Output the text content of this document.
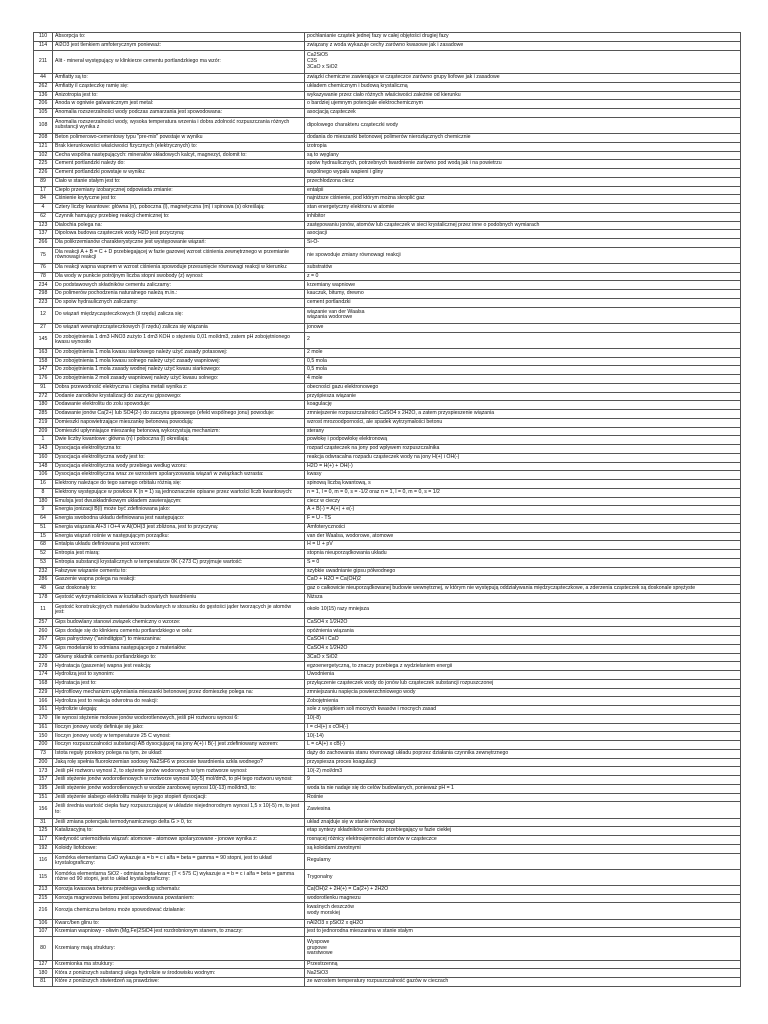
110	Absorpcja to:	pochłanianie cząstek jednej fazy w całej objętości drugiej fazy
114	Al2O3 jest tlenkiem amfoterycznym ponieważ:	związany z woda wykazuje cechy zarówno kwasowe jak i zasadowe
211	Alit - minerał występujący w klinkierze cementu portlandzkiego ma wzór:	Ca2SiO5
C3S
3CaO x SiO2
44	Amfiatty są to:	związki chemiczne zawierające w cząsteczce zarówno grupy liofowe jak i zasadowe
262	Amfiatty il cząsteczkę ramię się:	układem chemicznym i budową krystaliczną
136	Anizotropia jest to:	wykazywanie przez ciało różnych właściwości zależnie od kierunku
206	Anoda w ogniwie galwanicznym jest metal:	o bardziej ujemnym potencjale elektrochemicznym
105	Anomalia rozszerzalności wody podczas zamarzania jest spowodowana:	asocjacją cząsteczek
108	Anomalia rozszerzalności wody, wysoka temperatura wrzenia i dobra zdolność rozpuszczania różnych substancji wynika z	dipolowego charakteru cząsteczki wody
208	Beton polimerowo-cementowy typu "pre-mix" powstaje w wyniku	dodania do mieszanki betonowej polimerów nierozłącznych chemicznie
121	Brak kierunkowości właściwości fizycznych (elektrycznych) to:	izotropia
102	Cecha wspólna następujących: minerałów składowych kalcyt, magnezyt, dolomit to:	są to węglany
225	Cement portlandzki należy do:	spoiw hydraulicznych, potrzebnych twardnienie zarówno pod wodą jak i na powietrzu
226	Cement portlandzki powstaje w wyniku:	wspólnego wypału wapieni i gliny
89	Ciało w stanie stałym jest to:	przechłodzona ciecz
17	Ciepło przemiany izobarycznej odpowiada zmianie:	entalpii
84	Ciśnienie krytyczne jest to:	najniższe ciśnienie, pod którym można skroplić gaz
4	Cztery liczby kwantowe: główna (n), poboczna (l), magnetyczna (m) i spinowa (s) określają:	stan energetyczny elektronu w atomie
62	Czynnik hamujący przebieg reakcji chemicznej to:	inhibitor
123	Dialochia polega na:	zastępowaniu jonów, atomów lub cząsteczek w sieci krystalicznej przez inne o podobnych wymiarach
137	Dipolowa budowa cząsteczek wody H2O jest przyczyną:	asocjacji
266	Dla polikrzemianów charakterystyczne jest występowanie wiązań:	Si-O-
75	Dla reakcji A + B = C + D przebiegającej w fazie gazowej wzrost ciśnienia zewnętrznego w przemianie równowagi reakcji	nie spowoduje zmiany równowagi reakcji
76	Dla reakcji wapna wapnem w wzrost ciśnienia spowoduje przesunięcie równowagi reakcji w kierunku:	substratów
78	Dla wody w punkcie potrójnym liczba stopni swobody (z) wynosi:	z = 0
234	Do podstawowych składników cementu zaliczamy:	krzemiany wapniowe
298	Do polimerów pochodzenia naturalnego należą m.in.:	kauczuk, bitumy, drewno
223	Do spoiw hydraulicznych zaliczamy:	cement portlandzki
12	Do wiązań międzycząsteczkowych (il rzędu) zalicza się:	wiązanie van der Waalsa
wiązania wodorowe
27	Do wiązań wewnątrzcząsteczkowych (I rzędu) zalicza się wiązania	jonowe
145	Do zobojętnienia 1 dm3 HNO3 zużyto 1 dm3 KOH o stężeniu 0,01 mol/dm3, zatem pH zobojętnionego kwasu wynosiło	2
163	Do zobojętnienia 1 mola kwasu siarkowego należy użyć zasady potasowej:	2 mole
158	Do zobojętnienia 1 mola kwasu solnego należy użyć zasady wapniowej:	0,5 mola
147	Do zobojętnienia 1 mola zasady wodnej należy użyć kwasu siarkowego:	0,5 mola
176	Do zobojętnienia 2 moli zasady wapniowej należy użyć kwasu solnego:	4 mole
91	Dobra przewodność elektryczna i cieplna metali wynika z:	obecności gazu elektronowego
272	Dodanie zarodków krystalizacji do zaczynu gipsowego:	przyśpiesza wiązanie
180	Dodawanie elektrolitu do zolu spowoduje:	koagulację
285	Dodawanie jonów Ca(2+) lub SO4(2-) do zaczynu gipsowego (efekt wspólnego jonu) powoduje:	zmniejszenie rozpuszczalności CaSO4 x 2H2O, a zatem przyspieszenie wiązania
219	Domieszki napowietrzające mieszankę betonową powodują:	wzrost mrozoodporności, ale spadek wytrzymałości betonu
209	Domieszki upłynniające mieszankę betonową wykorzystują mechanizm:	sterany
1	Dwie liczby kwantowe: główna (n) i poboczna (l) określają:	powłokę i podpowłokę elektronową
143	Dysocjacja elektrolityczna to:	rozpad cząsteczek na jony pod wpływem rozpuszczalnika
160	Dysocjacja elektrolityczna wody jest to:	reakcja odwracalna rozpadu cząsteczek wody na jony H(+) i OH(-)
148	Dysocjacja elektrolityczna wody przebiega według wzoru:	H2O = H(+) + OH(-)
106	Dysocjacja elektrolityczna wraz ze wzrostem spolaryzowania wiązań w związkach wzrasta:	kwasy
16	Elektrony należące do tego samego orbitalu różnią się:	spinową liczbą kwantową, s
8	Elektrony występujące w powłoce K (n = 1) są jednoznacznie opisane przez wartości liczb kwantowych:	n = 1, l = 0, m = 0, s = -1/2 oraz n = 1, l = 0, m = 0, s = 1/2
180	Emulsja jest dwuskładnikowym układem zawierającym:	ciecz w cieczy
9	Energia jonizacji B(i) może być zdefiniowana jako:	A + B(-) = A(+) + e(-)
64	Energia swobodna układu definiowana jest następująco:	F = U - TS
51	Energia wiązania Al+3 i O+4 w Al(OH)3 jest zbliżona, jest to przyczyną:	Amfoteryczności
15	Energia wiązań rośnie w następującym porządku:	van der Waalsa, wodorowe, atomowe
68	Entalpia układu definiowana jest wzorem:	H = U + pV
52	Entropia jest miarą:	stopnia nieuporządkowania układu
53	Entropia substancji krystalicznych w temperaturze 0K (-273 C) przyjmuje wartość:	S = 0
232	Fałszywe wiązanie cementu to:	szybkie uwadnianie gipsu półwodnego
286	Gaszenie wapna polega na reakcji:	CaO + H2O = Ca(OH)2
48	Gaz doskonały to:	gaz o całkowicie nieuporządkowanej budowie wewnętrznej, w którym nie występują oddziaływania międzycząsteczkowe, a zderzenia cząsteczek są doskonale sprężyste
178	Gęstość wytrzymałościowa w kształtach opartych twardnieniu	Niższa
11	Gęstość konstrukcyjnych materiałów budowlanych w stosunku do gęstości jąder tworzących je atomów jest:	około 10(15) razy mniejsza
257	Gips budowlany stanowi związek chemiczny o wzorze:	CaSO4 x 1/2H2O
260	Gips dodaje się do klinkieru cementu portlandzkiego w celu:	opóźnienia wiązania
267	Gips palnyctowy ("aninditgips") to mieszanina:	CaSO4 i CaO
276	Gips modelarski to odmiana następującego z materiałów:	CaSO4 x 1/2H2O
220	Główny składnik cementu portlandzkiego to:	3CaO x SiO2
278	Hydratacja (gaszenie) wapna jest reakcją:	egzoenergetyczną, to znaczy przebiega z wydzielaniem energii
174	Hydrolizą jest to synonim:	Uwodnienia
168	Hydratacja jest to:	przyłączenie cząsteczek wody do jonów lub cząsteczek substancji rozpuszczonej
229	Hydrofilowy mechanizm upłynniania mieszanki betonowej przez domieszkę polega na:	zmniejszaniu napięcia powierzchniowego wody
166	Hydroliza jest to reakcja odwrotna do reakcji:	Zobojętnienia
161	Hydrolizie ulegają:	sole z wyjątkiem soli mocnych kwasów i mocnych zasad
170	Ile wynosi stężenie molowe jonów wodorotlenowych, jeśli pH roztworu wynosi 6:	10(-8)
161	Iloczyn jonowy wody definiuje się jako:	I = cH(+) x cOH(-)
150	Iloczyn jonowy wody w temperaturze 25 C wynosi:	10(-14)
200	Iloczyn rozpuszczalności substancji AB dysocjującej na jony A(+) i B(-) jest zdefiniowany wzorem:	L = cA(+) x cB(-)
73	Istota reguły przekory polega na tym, że układ:	dąży do zachowania stanu równowagi układu poprzez działania czynnika zewnętrznego
200	Jaką rolę spełnia fluorokrzemian sodowy Na2SiF6 w procesie twardnienia szkła wodnego?	przyspiesza proces koagulacji
173	Jeśli pH roztworu wynosi 2, to stężenie jonów wodorowych w tym roztworze wynosi:	10(-2) mol/dm3
157	Jeśli stężenie jonów wodorotlenowych w roztworze wynosi 10(-5) mol/dm3, to pH tego roztworu wynosi:	9
195	Jeśli stężenie jonów wodorotlenowych w wodzie zarobowej wynosi 10(-13) mol/dm3, to:	woda ta nie nadaje się do celów budowlanych, ponieważ pH = 1
151	Jeśli stężenie słabego elektrolitu maleje to jego stopień dysocjacji:	Rośnie
156	Jeśli średnia wartość ciepła fazy rozpuszczającej w układzie niejednorodnym wynosi 1,5 x 10(-5) m, to jest to:	Zawiesina
31	Jeśli zmiana potencjału termodynamicznego delta G > 0, to:	układ znajduje się w stanie równowagi
125	Katalizacyjną to:	etap syntezy składników cementu przebiegający w fazie ciekłej
117	Kiedyność uniemożliwia wiązań: atomowe - atomowe spolaryzowane - jonowe wynika z:	rosnącej różnicy elektroujemności atomów w cząsteczce
192	Koloidy liofobowe:	są koloidami zwrotnymi
116	Komórka elementarna CaO wykazuje a = b = c i alfa = beta = gamma = 90 stopni, jest to układ krystalograficzny:	Regularny
115	Komórka elementarna SiO2 - odmiana beta-kwarc (T < 575 C) wykazuje a = b = c i alfa = beta = gamma różne od 90 stopni, jest to układ krystalograficzny:	Trygonalny
213	Korozja kwasowa betonu przebiega według schematu:	Ca(OH)2 + 2H(+) = Ca(2+) + 2H2O
215	Korozja magnezowa betonu jest spowodowana powstaniem:	wodorotlenku magnezu
216	Korozja chemiczna betonu może spowodować działanie:	kwaśnych deszczów
wody morskiej
106	Kwarc/ben glinu to:	nAl2O3 x pSiO2 x qH2O
107	Krzemian wapniowy - oliwin (Mg,Fe)2SiO4 jest rozdrobnionym stanem, to znaczy:	jest to jednorodna mieszanina w stanie stałym
80	Krzemiany mają struktury:	Wyspowe
grupowe
warstwowe
127	Krzemionka ma struktury:	Przestrzenną
180	Która z poniższych substancji ulega hydrolizie w środowisku wodnym:	Na2SiO3
81	Które z poniższych stwierdzeń są prawdziwe:	ze wzrostem temperatury rozpuszczalność gazów w cieczach
